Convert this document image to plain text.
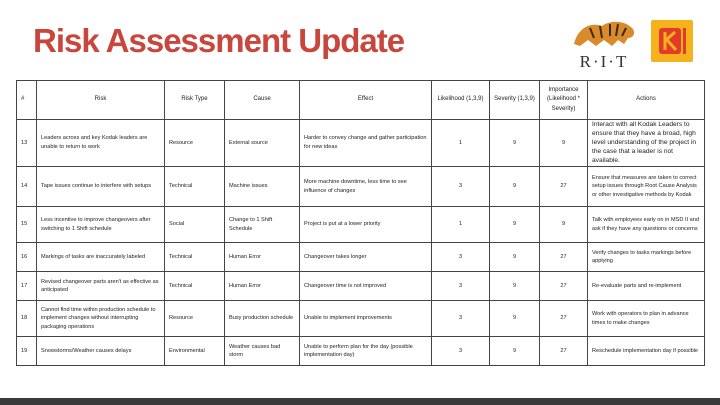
Risk Assessment Update
R·I·T
#	Risk	Risk Type	Cause	Effect	Likelihood (1,3,9)	Severity (1,3,9)	Importance (Likelihood * Severity)	Actions
13	Leaders across and key Kodak leaders are unable to return to work	Resource	External source	Harder to convey change and gather participation for new ideas	1	9	9	Interact with all Kodak Leaders to ensure that they have a broad, high level understanding of the project in the case that a leader is not available.
14	Tape issues continue to interfere with setups	Technical	Machine issues	More machine downtime, less time to see influence of changes	3	9	27	Ensure that measures are taken to correct setup issues through Root Cause Analysis or other investigative methods by Kodak
15	Less incentive to improve changeovers after switching to 1 Shift schedule	Social	Change to 1 Shift Schedule	Project is put at a lower priority	1	9	9	Talk with employees early on in MSD II and ask if they have any questions or concerns
16	Markings of tasks are inaccurately labeled	Technical	Human Error	Changeover takes longer	3	9	27	Verify changes to tasks markings before applying
17	Revised changeover parts aren't as effective as anticipated	Technical	Human Error	Changeover time is not improved	3	9	27	Re-evaluate parts and re-implement
18	Cannot find time within production schedule to implement changes without interrupting packaging operations	Resource	Busy production schedule	Unable to implement improvements	3	9	27	Work with operators to plan in advance times to make changes
19	Snowstorms/Weather causes delays	Environmental	Weather causes bad storm	Unable to perform plan for the day (possible implementation day)	3	9	27	Reschedule implementation day if possible
